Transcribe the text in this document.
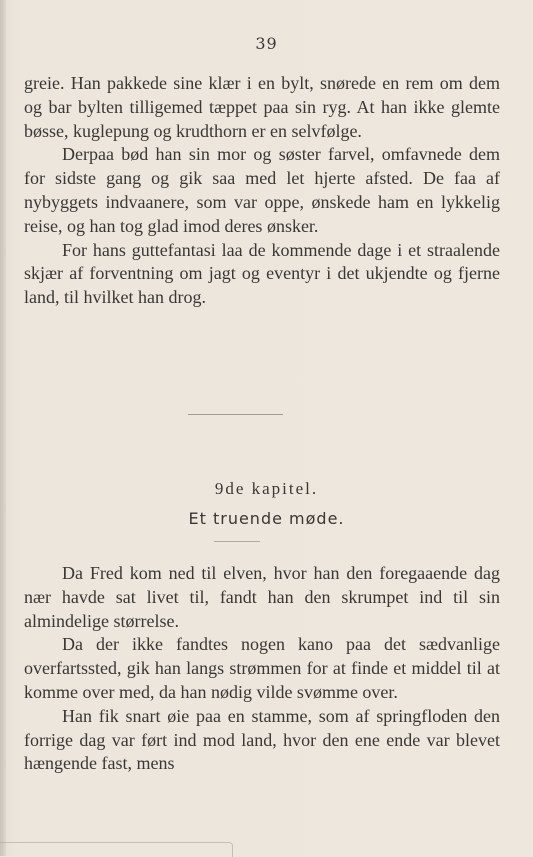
39

greie. Han pakkede sine klær i en bylt, snørede en rem om dem og bar bylten tilligemed tæppet paa sin ryg. At han ikke glemte bøsse, kuglepung og krudthorn er en selvfølge.

Derpaa bød han sin mor og søster farvel, omfavnede dem for sidste gang og gik saa med let hjerte afsted. De faa af nybyggets indvaanere, som var oppe, ønskede ham en lykkelig reise, og han tog glad imod deres ønsker.

For hans guttefantasi laa de kommende dage i et straalende skjær af forventning om jagt og eventyr i det ukjendte og fjerne land, til hvilket han drog.

9de kapitel.
Et truende møde.

Da Fred kom ned til elven, hvor han den foregaaende dag nær havde sat livet til, fandt han den skrumpet ind til sin almindelige størrelse.

Da der ikke fandtes nogen kano paa det sædvanlige overfartssted, gik han langs strømmen for at finde et middel til at komme over med, da han nødig vilde svømme over.

Han fik snart øie paa en stamme, som af springfloden den forrige dag var ført ind mod land, hvor den ene ende var blevet hængende fast, mens
